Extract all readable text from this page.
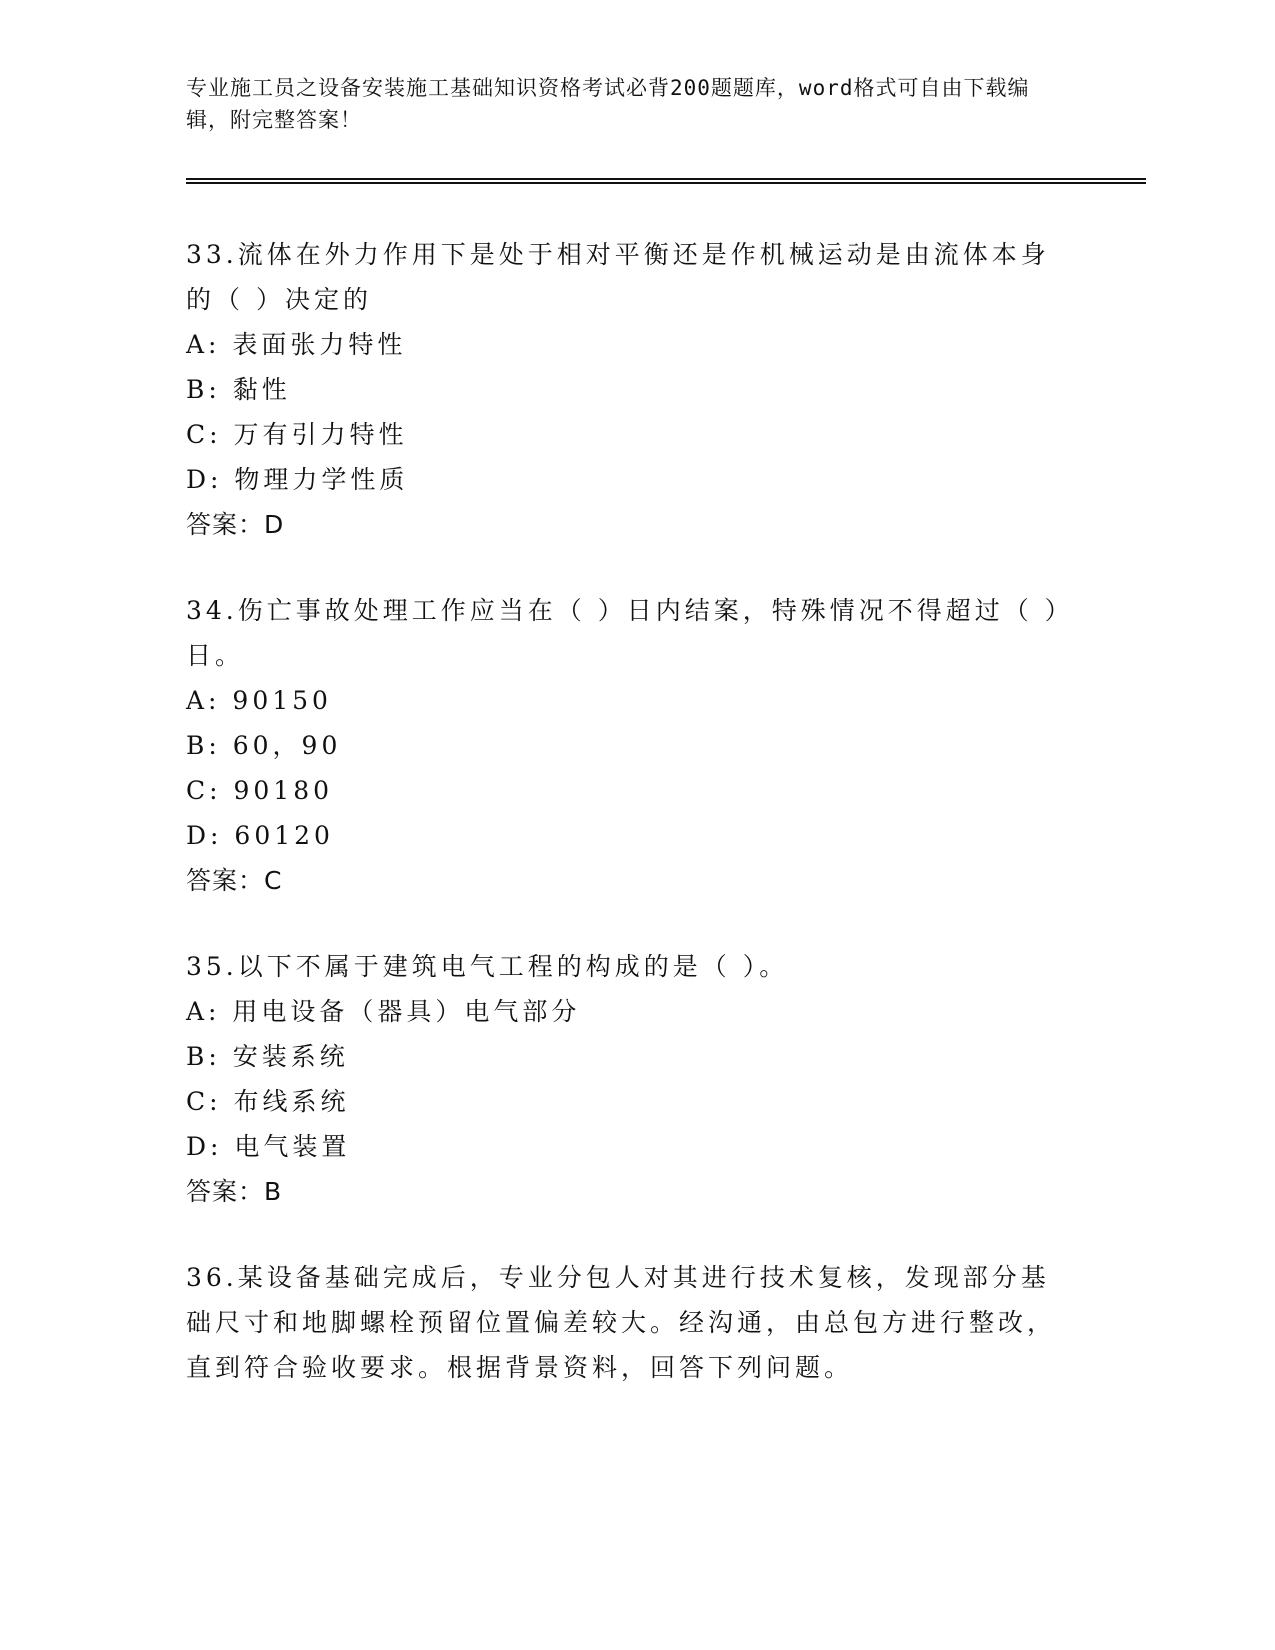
专业施工员之设备安装施工基础知识资格考试必背200题题库，word格式可自由下载编辑，附完整答案！

33.流体在外力作用下是处于相对平衡还是作机械运动是由流体本身的（ ）决定的

A: 表面张力特性

B: 黏性

C: 万有引力特性

D: 物理力学性质

答案：D

34.伤亡事故处理工作应当在（ ）日内结案，特殊情况不得超过（ ）日。

A: 90150

B: 60，90

C: 90180

D: 60120

答案：C

35.以下不属于建筑电气工程的构成的是（ ）。

A: 用电设备（器具）电气部分

B: 安装系统

C: 布线系统

D: 电气装置

答案：B

36.某设备基础完成后，专业分包人对其进行技术复核，发现部分基础尺寸和地脚螺栓预留位置偏差较大。经沟通，由总包方进行整改，直到符合验收要求。根据背景资料，回答下列问题。
